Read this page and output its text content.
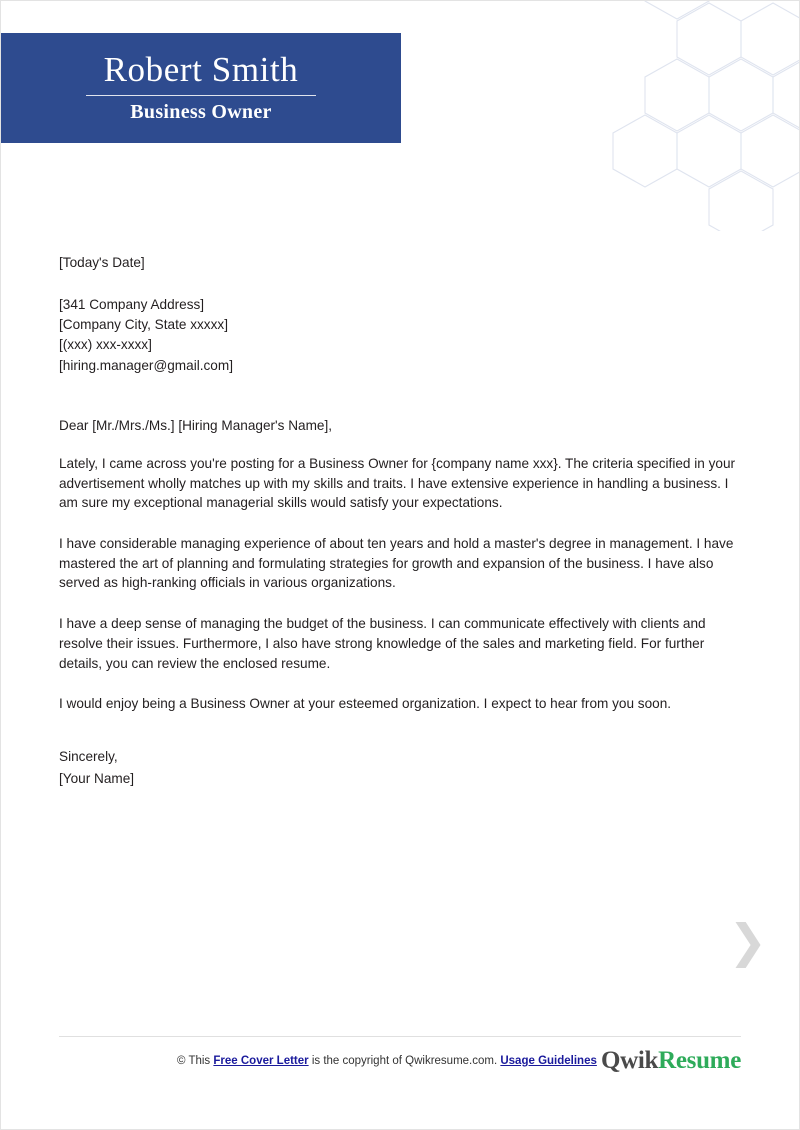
Robert Smith
Business Owner
[Today's Date]
[341 Company Address]
[Company City, State xxxxx]
[(xxx) xxx-xxxx]
[hiring.manager@gmail.com]
Dear [Mr./Mrs./Ms.] [Hiring Manager's Name],
Lately, I came across you're posting for a Business Owner for {company name xxx}. The criteria specified in your advertisement wholly matches up with my skills and traits. I have extensive experience in handling a business. I am sure my exceptional managerial skills would satisfy your expectations.
I have considerable managing experience of about ten years and hold a master's degree in management. I have mastered the art of planning and formulating strategies for growth and expansion of the business. I have also served as high-ranking officials in various organizations.
I have a deep sense of managing the budget of the business. I can communicate effectively with clients and resolve their issues. Furthermore, I also have strong knowledge of the sales and marketing field. For further details, you can review the enclosed resume.
I would enjoy being a Business Owner at your esteemed organization. I expect to hear from you soon.
Sincerely,
[Your Name]
❯
© This Free Cover Letter is the copyright of Qwikresume.com. Usage Guidelines QwikResume
